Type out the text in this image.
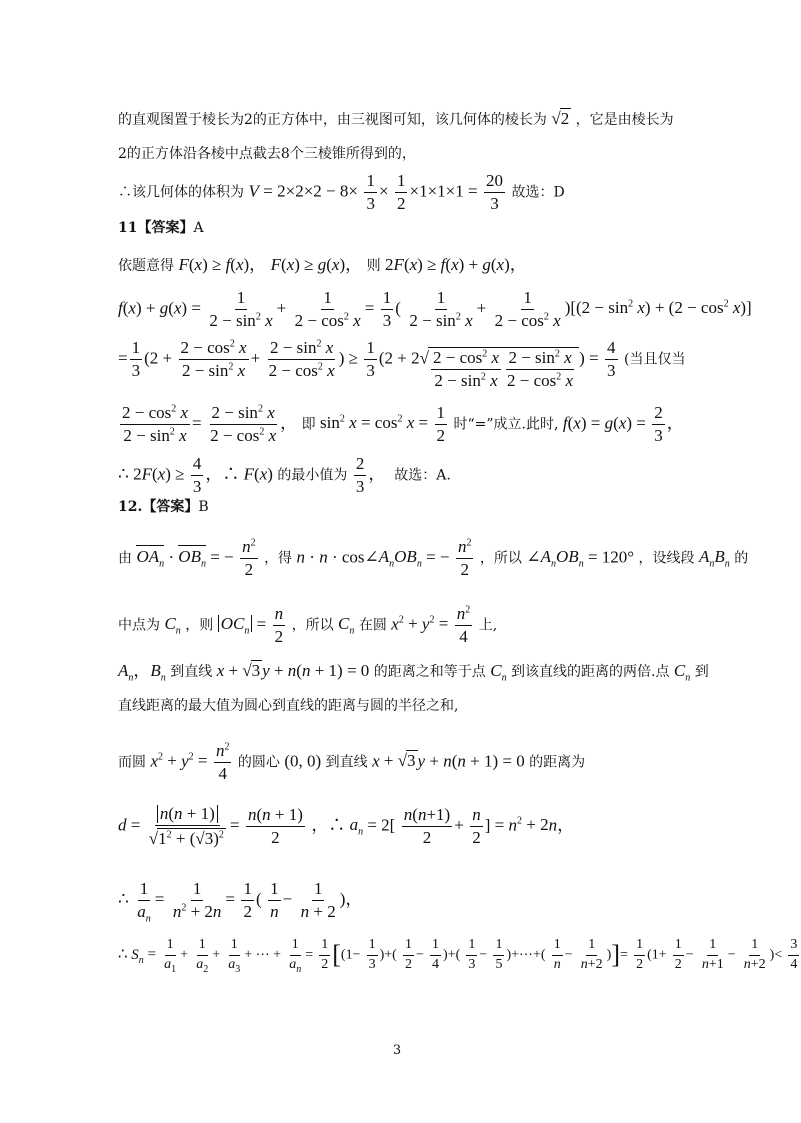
的直观图置于棱长为2的正方体中，由三视图可知，该几何体的棱长为 √2 ，它是由棱长为
2的正方体沿各棱中点截去8个三棱锥所得到的，
∴该几何体的体积为 $V = 2\times 2\times 2 - 8\times \frac{1}{3} \times \frac{1}{2} \times 1\times 1\times 1 = \frac{20}{3}$ 故选：D
11【答案】A
依题意得 F(x) ≥ f(x)， F(x) ≥ g(x)， 则 2F(x) ≥ f(x) + g(x)，
$f(x) + g(x) = \frac{1}{2 - \sin^2 x} + \frac{1}{2 - \cos^2 x} = \frac{1}{3}$ ( $\frac{1}{2 - \sin^2 x} + \frac{1}{2 - \cos^2 x} )[(2 - \sin^2 x) + (2 - \cos^2 x)]$
= $\frac{1}{3} (2 + \frac{2 - \cos^2 x}{2 - \sin^2 x} + \frac{2 - \sin^2 x}{2 - \cos^2 x}$ ) ≥ $\frac{1}{3} (2 + 2√ \frac{2 - \cos^2 x}{2 - \sin^2 x} \frac{2 - \sin^2 x}{2 - \cos^2 x}$ ) = $\frac{4}{3}$ (当且仅当
$\frac{2 - \cos^2 x}{2 - \sin^2 x} = \frac{2 - \sin^2 x}{2 - \cos^2 x}$ ， 即 $\sin^2 x = \cos^2 x = \frac{1}{2}$ 时“=”成立.此时, $f(x) = g(x) = \frac{2}{3}$ ，
∴ $2F(x) \ge \frac{4}{3}$ ，∴ F(x) 的最小值为 $\frac{2}{3}$ ， 故选：A.
12.【答案】B
由 $OA_n \cdot OB_n$ = − $\frac{n^2}{2}$ ，得 $n \cdot n \cdot \cos\angle A_nOB_n$ = − $\frac{n^2}{2}$ ，所以 $\angle A_nOB_n = 120^\circ$ ，设线段 $A_nB_n$ 的
中点为 $C_n$ ，则 $OC_n = \frac{n}{2}$ ，所以 $C_n$ 在圆 $x^2 + y^2 = \frac{n^2}{4}$ 上,
$A_n$，$B_n$ 到直线 x + √3 y + n(n + 1) = 0 的距离之和等于点 $C_n$ 到该直线的距离的两倍.点 $C_n$ 到
直线距离的最大值为圆心到直线的距离与圆的半径之和,
而圆 $x^2 + y^2 = \frac{n^2}{4}$ 的圆心 (0, 0) 到直线 x + √3 y + n(n + 1) = 0 的距离为
$d = \frac{n(n + 1)}{√1^2 + (√3)^2} = \frac{n(n + 1)}{2}$ ，∴ $a_n = 2[ \frac{n(n+1)}{2} + \frac{n}{2}$ ] = $n^2 + 2n$，
∴ $\frac{1}{a_n} = \frac{1}{n^2 + 2n} = \frac{1}{2}$ ( $\frac{1}{n} - \frac{1}{n + 2}$ )，
∴ $S_n = \frac{1}{a_1} + \frac{1}{a_2} + \frac{1}{a_3}$ + ⋯ + $\frac{1}{a_n} = \frac{1}{2} [(1- \frac{1}{3}$ )+( $\frac{1}{2} - \frac{1}{4}$ )+( $\frac{1}{3} - \frac{1}{5}$ )+⋯+( $\frac{1}{n} - \frac{1}{n+2}$ )]= $\frac{1}{2} (1+ \frac{1}{2} - \frac{1}{n+1} - \frac{1}{n+2}$ )< $\frac{3}{4}$
3
